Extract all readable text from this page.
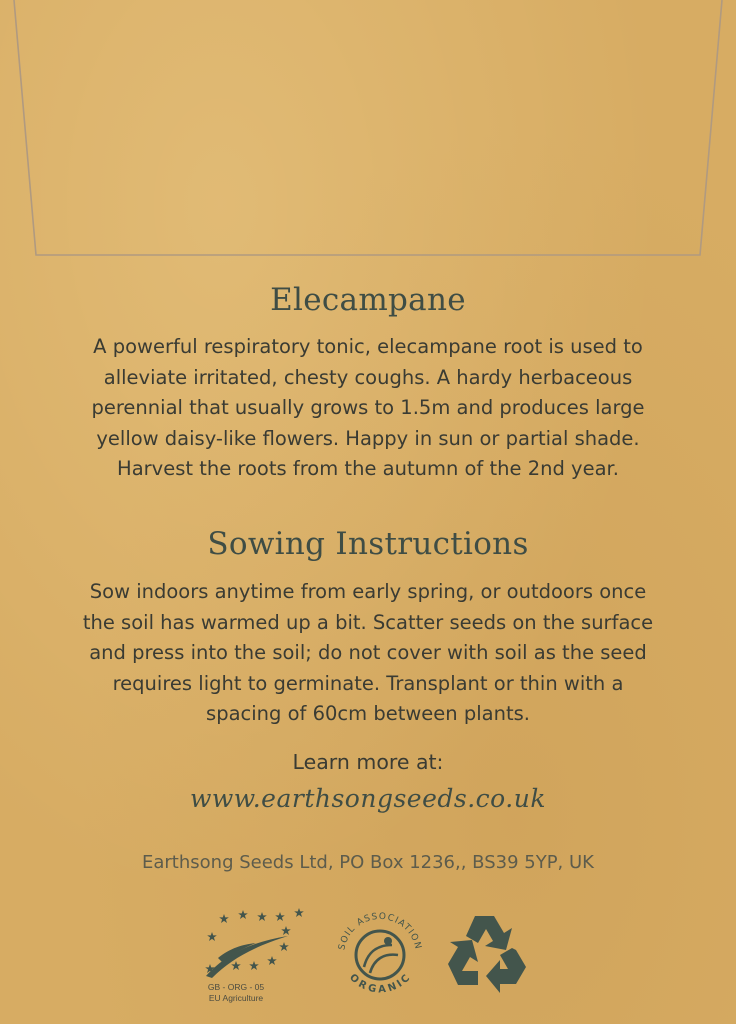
Elecampane
A powerful respiratory tonic, elecampane root is used to
alleviate irritated, chesty coughs. A hardy herbaceous
perennial that usually grows to 1.5m and produces large
yellow daisy-like flowers. Happy in sun or partial shade.
Harvest the roots from the autumn of the 2nd year.
Sowing Instructions
Sow indoors anytime from early spring, or outdoors once
the soil has warmed up a bit. Scatter seeds on the surface
and press into the soil; do not cover with soil as the seed
requires light to germinate. Transplant or thin with a
spacing of 60cm between plants.
Learn more at:
www.earthsongseeds.co.uk
Earthsong Seeds Ltd, PO Box 1236,, BS39 5YP, UK
GB - ORG - 05
EU Agriculture
SOIL ASSOCIATION
ORGANIC
